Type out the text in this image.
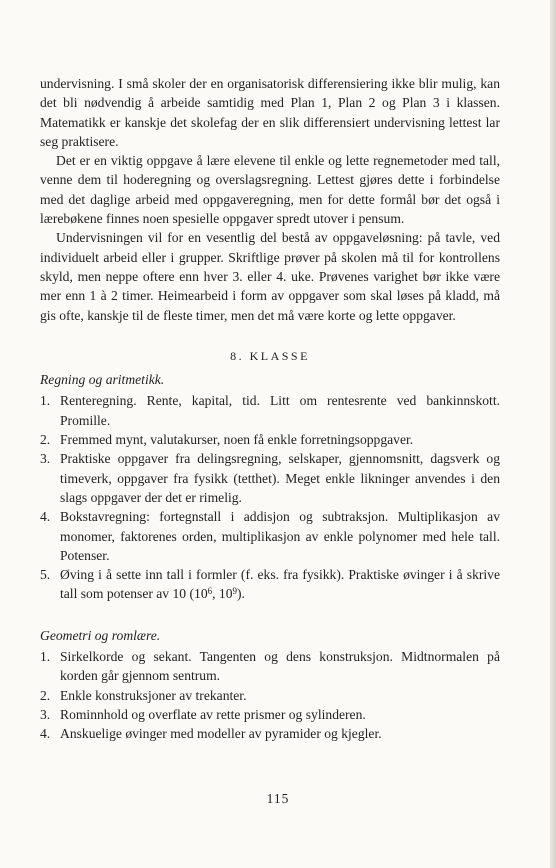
undervisning. I små skoler der en organisatorisk differensiering ikke blir mulig, kan det bli nødvendig å arbeide samtidig med Plan 1, Plan 2 og Plan 3 i klassen. Matematikk er kanskje det skolefag der en slik differensiert undervisning lettest lar seg praktisere.

Det er en viktig oppgave å lære elevene til enkle og lette regnemetoder med tall, venne dem til hoderegning og overslagsregning. Lettest gjøres dette i forbindelse med det daglige arbeid med oppgaveregning, men for dette formål bør det også i lærebøkene finnes noen spesielle oppgaver spredt utover i pensum.

Undervisningen vil for en vesentlig del bestå av oppgaveløsning: på tavle, ved individuelt arbeid eller i grupper. Skriftlige prøver på skolen må til for kontrollens skyld, men neppe oftere enn hver 3. eller 4. uke. Prøvenes varighet bør ikke være mer enn 1 à 2 timer. Heimearbeid i form av oppgaver som skal løses på kladd, må gis ofte, kanskje til de fleste timer, men det må være korte og lette oppgaver.

8. KLASSE

Regning og aritmetikk.

1. Renteregning. Rente, kapital, tid. Litt om rentesrente ved bankinnskott. Promille.
2. Fremmed mynt, valutakurser, noen få enkle forretningsoppgaver.
3. Praktiske oppgaver fra delingsregning, selskaper, gjennomsnitt, dagsverk og timeverk, oppgaver fra fysikk (tetthet). Meget enkle likninger anvendes i den slags oppgaver der det er rimelig.
4. Bokstavregning: fortegnstall i addisjon og subtraksjon. Multiplikasjon av monomer, faktorenes orden, multiplikasjon av enkle polynomer med hele tall. Potenser.
5. Øving i å sette inn tall i formler (f. eks. fra fysikk). Praktiske øvinger i å skrive tall som potenser av 10 ($10^6$, $10^9$).

Geometri og romlære.

1. Sirkelkorde og sekant. Tangenten og dens konstruksjon. Midtnormalen på korden går gjennom sentrum.
2. Enkle konstruksjoner av trekanter.
3. Rominnhold og overflate av rette prismer og sylinderen.
4. Anskuelige øvinger med modeller av pyramider og kjegler.
115
